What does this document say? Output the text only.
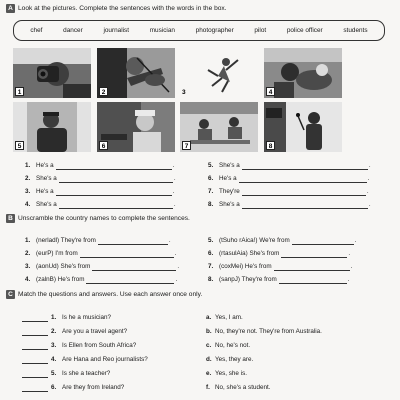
A Look at the pictures. Complete the sentences with the words in the box.
chef	dancer	journalist	musician	photographer	pilot	police officer	students
1	2	3	4
5	6	7	8
1. He's a	.
2. She's a	.
3. He's a	.
4. She's a	.
5. She's a	.
6. He's a	.
7. They're	.
8. She's a	.
B Unscramble the country names to complete the sentences.
1. (nerladl) They're from	.
2. (eurP) I'm from	.
3. (aonUd) She's from	.
4. (zalnB) He's from	.
5. (tSuho rAica!) We're from	.
6. (rtasulAia) She's from	.
7. (coxMei) He's from	.
8. (sanpJ) They're from	.
C Match the questions and answers. Use each answer once only.
1. Is he a musician?
2. Are you a travel agent?
3. Is Ellen from South Africa?
4. Are Hana and Reo journalists?
5. Is she a teacher?
6. Are they from Ireland?
a. Yes, I am.
b. No, they're not. They're from Australia.
c. No, he's not.
d. Yes, they are.
e. Yes, she is.
f. No, she's a student.
